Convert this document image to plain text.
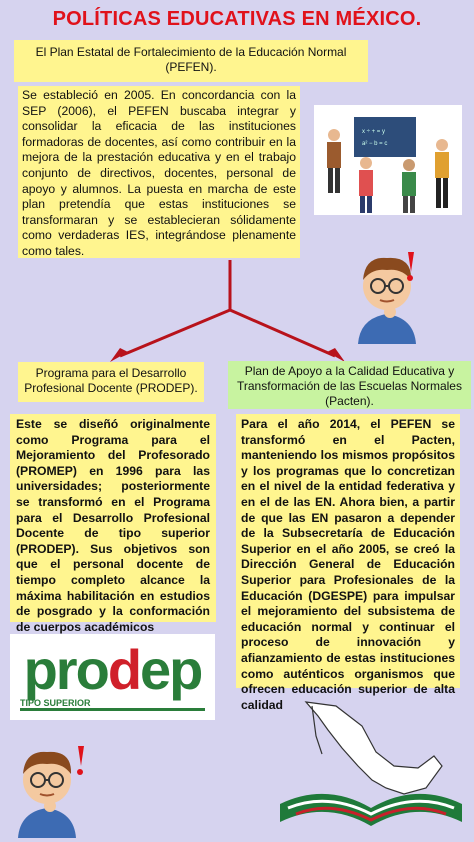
POLÍTICAS EDUCATIVAS EN MÉXICO.
El Plan Estatal de Fortalecimiento de la Educación Normal (PEFEN).
Se estableció en 2005. En concordancia con la SEP (2006), el PEFEN buscaba integrar y consolidar la eficacia de las instituciones formadoras de docentes, así como contribuir en la mejora de la prestación educativa y en el trabajo conjunto de directivos, docentes, personal de apoyo y alumnos. La puesta en marcha de este plan pretendía que estas instituciones se transformaran y se establecieran sólidamente como verdaderas IES, integrándose plenamente como tales.
x ÷ + = y
a² − b = c
Programa para el Desarrollo Profesional Docente (PRODEP).
Este se diseñó originalmente como Programa para el Mejoramiento del Profesorado (PROMEP) en 1996 para las universidades; posteriormente se transformó en el Programa para el Desarrollo Profesional Docente de tipo superior (PRODEP). Sus objetivos son que el personal docente de tiempo completo alcance la máxima habilitación en estudios de posgrado y la conformación de cuerpos académicos
Plan de Apoyo a la Calidad Educativa y Transformación de las Escuelas Normales (Pacten).
Para el año 2014, el PEFEN se transformó en el Pacten, manteniendo los mismos propósitos y los programas que lo concretizan en el nivel de la entidad federativa y en el de las EN. Ahora bien, a partir de que las EN pasaron a depender de la Subsecretaría de Educación Superior en el año 2005, se creó la Dirección General de Educación Superior para Profesionales de la Educación (DGESPE) para impulsar el mejoramiento del subsistema de educación normal y continuar el proceso de innovación y afianzamiento de estas instituciones como auténticos organismos que ofrecen educación superior de alta calidad
prodep
TIPO SUPERIOR
